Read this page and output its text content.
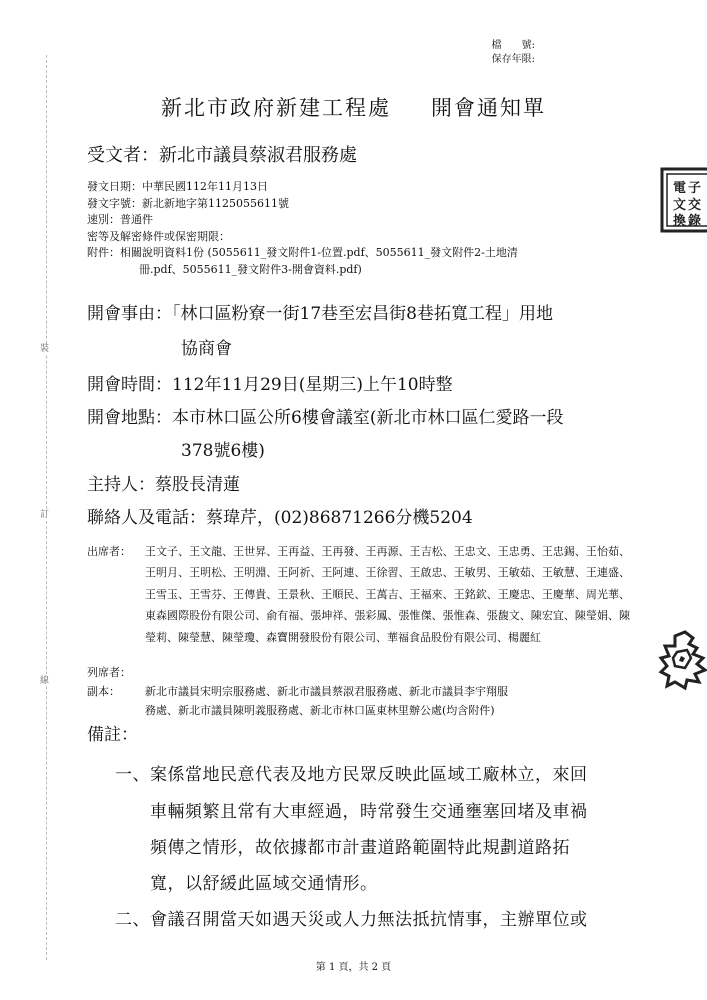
裝
訂
線
檔　　號:
保存年限:
新北市政府新建工程處 開會通知單
受文者：新北市議員蔡淑君服務處
發文日期：中華民國112年11月13日
發文字號：新北新地字第1125055611號
速別：普通件
密等及解密條件或保密期限：
附件：相關說明資料1份 (5055611_發文附件1-位置.pdf、5055611_發文附件2-土地清
冊.pdf、5055611_發文附件3-開會資料.pdf)
開會事由：「林口區粉寮一街17巷至宏昌街8巷拓寬工程」用地
協商會
開會時間：112年11月29日(星期三)上午10時整
開會地點：本市林口區公所6樓會議室(新北市林口區仁愛路一段
378號6樓)
主持人：蔡股長清蓮
聯絡人及電話：蔡瑋芹，(02)86871266分機5204
出席者： 王文子、王文龍、王世昇、王再益、王再發、王再源、王吉松、王忠文、王忠勇、王忠錫、王怡茹、王明月、王明松、王明淵、王阿祈、王阿連、王徐習、王啟忠、王敏男、王敏茹、王敏慧、王連盛、王雪玉、王雪芬、王傳貴、王景秋、王順民、王萬吉、王福來、王銘欽、王慶忠、王慶華、周光華、東森國際股份有限公司、俞有福、張坤祥、張彩鳳、張惟傑、張惟森、張馥文、陳宏宜、陳瑩娟、陳瑩莉、陳瑩慧、陳瑩瓊、森寶開發股份有限公司、華福食品股份有限公司、楊麗紅
列席者：
副本： 新北市議員宋明宗服務處、新北市議員蔡淑君服務處、新北市議員李宇翔服
務處、新北市議員陳明義服務處、新北市林口區東林里辦公處(均含附件)
備註：
一、案係當地民意代表及地方民眾反映此區域工廠林立，來回
車輛頻繁且常有大車經過，時常發生交通壅塞回堵及車禍
頻傳之情形，故依據都市計畫道路範圍特此規劃道路拓
寬，以舒緩此區域交通情形。
二、會議召開當天如遇天災或人力無法抵抗情事，主辦單位或
電 子
文 交
換 錄
第 1 頁，共 2 頁
